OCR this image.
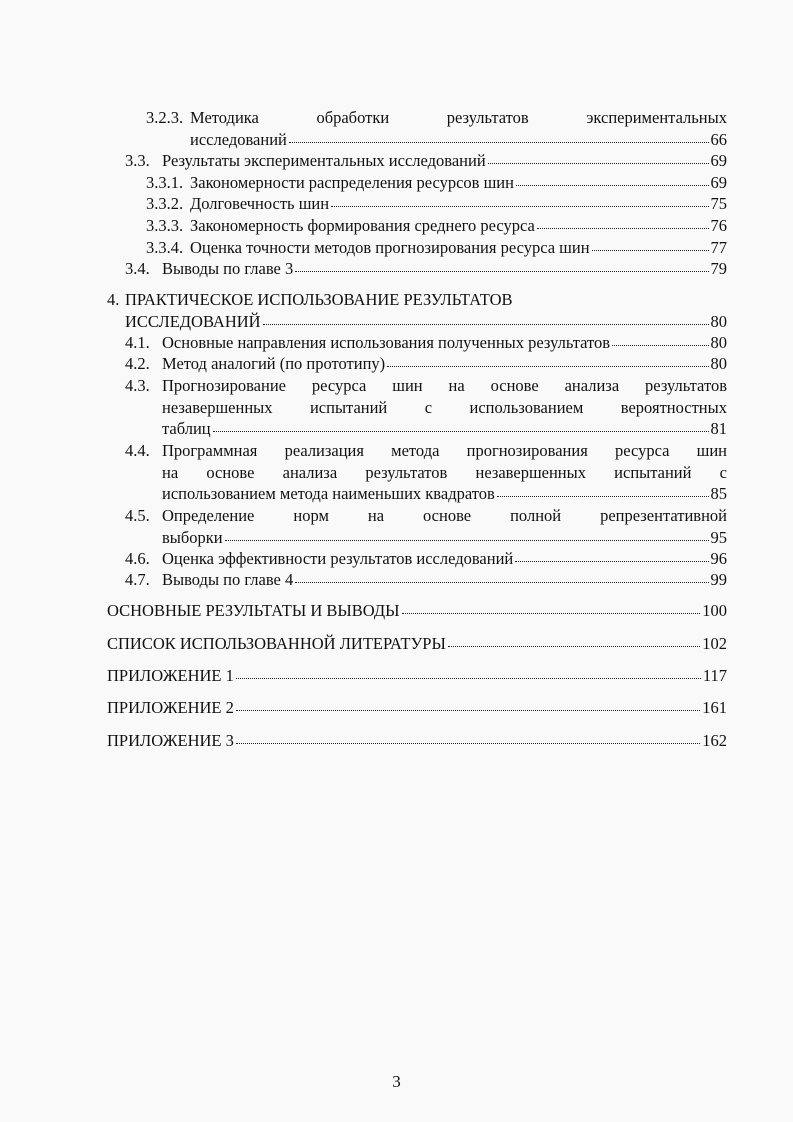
3.2.3. Методика	обработки	результатов	экспериментальных
исследований	66
3.3. Результаты экспериментальных исследований	69
3.3.1. Закономерности распределения ресурсов шин	69
3.3.2. Долговечность шин	75
3.3.3. Закономерность формирования среднего ресурса	76
3.3.4. Оценка точности методов прогнозирования ресурса шин	77
3.4. Выводы по главе 3	79
4. ПРАКТИЧЕСКОЕ ИСПОЛЬЗОВАНИЕ РЕЗУЛЬТАТОВ
ИССЛЕДОВАНИЙ	80
4.1. Основные направления использования полученных результатов	80
4.2. Метод аналогий (по прототипу)	80
4.3. Прогнозирование ресурса шин на основе анализа результатов
незавершенных испытаний с использованием вероятностных
таблиц	81
4.4. Программная реализация метода прогнозирования ресурса шин
на основе анализа результатов незавершенных испытаний с
использованием метода наименьших квадратов	85
4.5. Определение норм на основе полной репрезентативной
выборки	95
4.6. Оценка эффективности результатов исследований	96
4.7. Выводы по главе 4	99
ОСНОВНЫЕ РЕЗУЛЬТАТЫ И ВЫВОДЫ	100
СПИСОК ИСПОЛЬЗОВАННОЙ ЛИТЕРАТУРЫ	102
ПРИЛОЖЕНИЕ 1	117
ПРИЛОЖЕНИЕ 2	161
ПРИЛОЖЕНИЕ 3	162
3
